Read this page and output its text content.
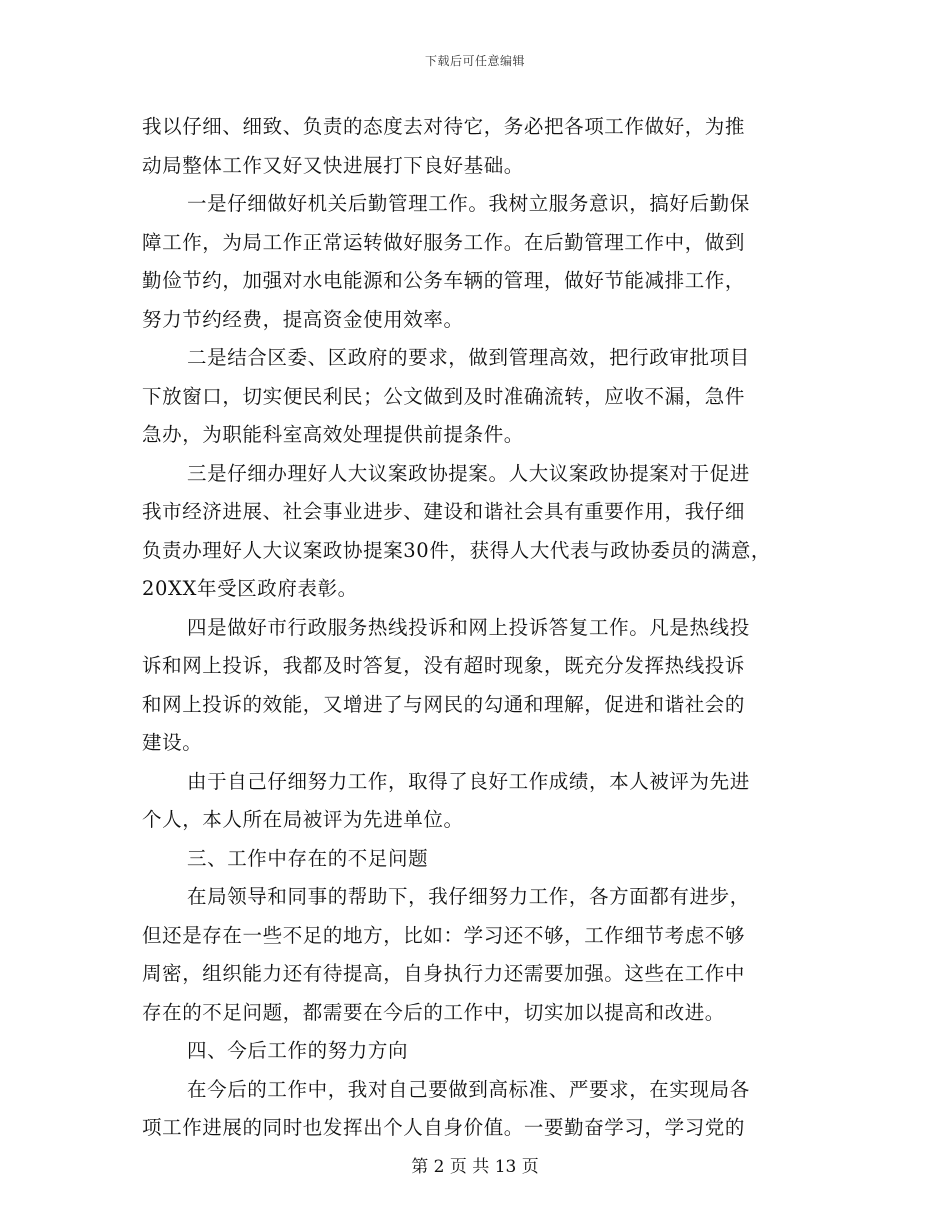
下载后可任意编辑
我以仔细、细致、负责的态度去对待它，务必把各项工作做好，为推
动局整体工作又好又快进展打下良好基础。
一是仔细做好机关后勤管理工作。我树立服务意识，搞好后勤保
障工作，为局工作正常运转做好服务工作。在后勤管理工作中，做到
勤俭节约，加强对水电能源和公务车辆的管理，做好节能减排工作，
努力节约经费，提高资金使用效率。
二是结合区委、区政府的要求，做到管理高效，把行政审批项目
下放窗口，切实便民利民；公文做到及时准确流转，应收不漏，急件
急办，为职能科室高效处理提供前提条件。
三是仔细办理好人大议案政协提案。人大议案政协提案对于促进
我市经济进展、社会事业进步、建设和谐社会具有重要作用，我仔细
负责办理好人大议案政协提案30件，获得人大代表与政协委员的满意，
20XX年受区政府表彰。
四是做好市行政服务热线投诉和网上投诉答复工作。凡是热线投
诉和网上投诉，我都及时答复，没有超时现象，既充分发挥热线投诉
和网上投诉的效能，又增进了与网民的勾通和理解，促进和谐社会的
建设。
由于自己仔细努力工作，取得了良好工作成绩，本人被评为先进
个人，本人所在局被评为先进单位。
三、工作中存在的不足问题
在局领导和同事的帮助下，我仔细努力工作，各方面都有进步，
但还是存在一些不足的地方，比如：学习还不够，工作细节考虑不够
周密，组织能力还有待提高，自身执行力还需要加强。这些在工作中
存在的不足问题，都需要在今后的工作中，切实加以提高和改进。
四、今后工作的努力方向
在今后的工作中，我对自己要做到高标准、严要求，在实现局各
项工作进展的同时也发挥出个人自身价值。一要勤奋学习，学习党的
第 2 页 共 13 页
